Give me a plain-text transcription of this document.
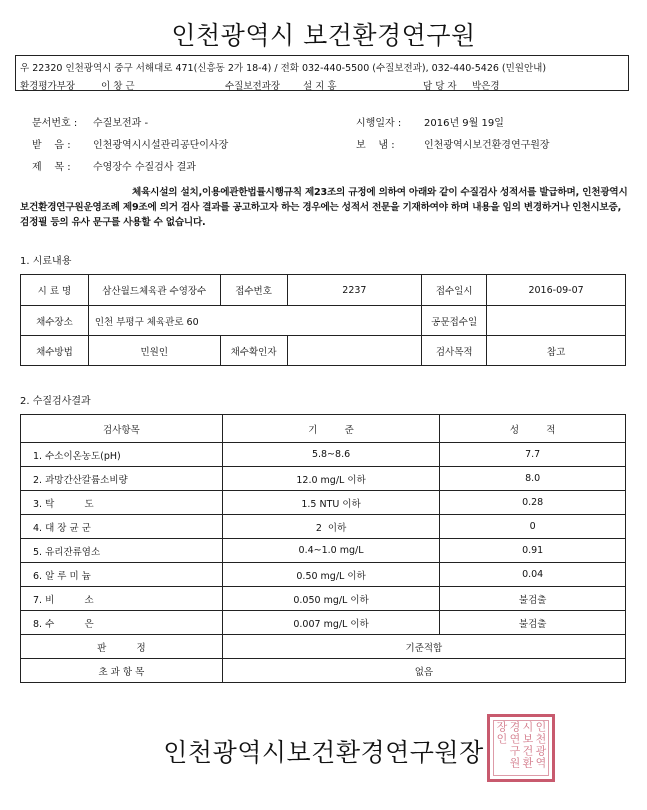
인천광역시 보건환경연구원
우 22320 인천광역시 중구 서해대로 471(신흥동 2가 18-4) / 전화 032-440-5500 (수질보전과), 032-440-5426 (민원안내)
환경평가부장	이 창 근	수질보전과장 설 지 홍	담 당 자 박은경
문서번호 : 수질보전과 -	시행일자 : 2016년 9월 19일
받    음 : 인천광역시시설관리공단이사장	보    냄 :	인천광역시보건환경연구원장
제    목 : 수영장수 수질검사 결과
체육시설의 설치,이용에관한법률시행규칙 제23조의 규정에 의하여 아래와 같이 수질검사 성적서를 발급하며, 인천광역시보건환경연구원운영조례 제9조에 의거 검사 결과를 공고하고자 하는 경우에는 성적서 전문을 기재하여야 하며 내용을 임의 변경하거나 인천시보증, 검정필 등의 유사 문구를 사용할 수 없습니다.
1. 시료내용
시 료 명	삼산월드체육관 수영장수	접수번호	2237	접수일시	2016-09-07
채수장소	인천 부평구 체육관로 60			공문접수일	
채수방법	민원인	채수확인자		검사목적	참고
2. 수질검사결과
검사항목	기         준	성         적
1. 수소이온농도(pH)	5.8~8.6	7.7
2. 과망간산칼륨소비량	12.0 mg/L 이하	8.0
3. 탁          도	1.5 NTU 이하	0.28
4. 대 장 균 군	2  이하	0
5. 유리잔류염소	0.4~1.0 mg/L	0.91
6. 알 루 미 늄	0.50 mg/L 이하	0.04
7. 비          소	0.050 mg/L 이하	불검출
8. 수          은	0.007 mg/L 이하	불검출
판          정	기준적합	
초 과 항 목	없음	
인천광역시보건환경연구원장	인천광역시보건환경연구원장인
